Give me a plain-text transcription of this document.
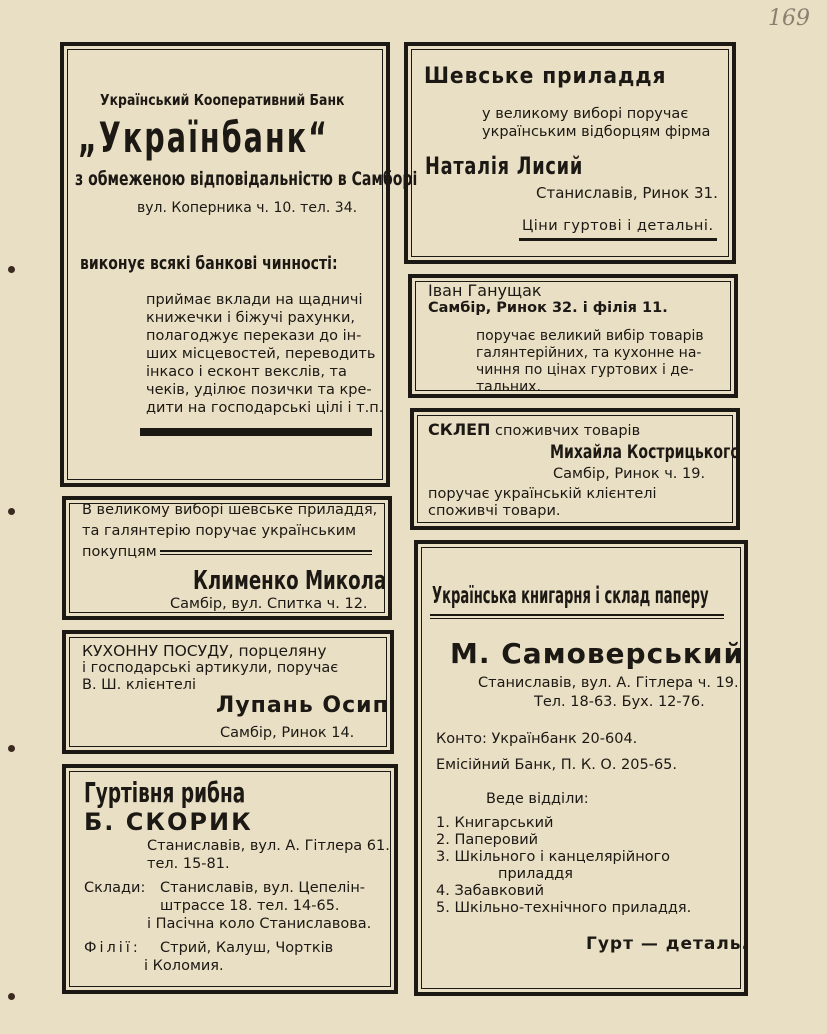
169
Український Кооперативний Банк
„Українбанк“
з обмеженою відповідальністю в Самборі
вул. Коперника ч. 10. тел. 34.
виконує всякі банкові чинності:
приймає вклади на щадничі
книжечки і біжучі рахунки,
полагоджує перекази до ін-
ших місцевостей, переводить
інкасо і есконт векслів, та
чеків, уділює позички та кре-
дити на господарські цілі і т.п.
Шевське приладдя
у великому виборі поручає
українським відборцям фірма
Наталія Лисий
Станиславів, Ринок 31.
Ціни гуртові і детальні.
Іван Ганущак
Самбір, Ринок 32. і філія 11.
поручає великий вибір товарів
галянтерійних, та кухонне на-
чиння по цінах гуртових і де-
тальних.
СКЛЕП споживчих товарів
Михайла Кострицького
Самбір, Ринок ч. 19.
поручає українській клієнтелі
споживчі товари.
В великому виборі шевське приладдя,
та галянтерію поручає українським
покупцям
Клименко Микола
Самбір, вул. Спитка ч. 12.
КУХОННУ ПОСУДУ, порцеляну
і господарські артикули, поручає
В. Ш. клієнтелі
Лупань Осип
Самбір, Ринок 14.
Гуртівня рибна
Б. СКОРИК
Станиславів, вул. А. Гітлера 61.
тел. 15-81.
Склади: Станиславів, вул. Цепелін-
штрассе 18. тел. 14-65.
і Пасічна коло Станиславова.
Філії: Стрий, Калуш, Чортків
і Коломия.
Українська книгарня і склад паперу
М. Самоверський
Станиславів, вул. А. Гітлера ч. 19.
Тел. 18-63. Бух. 12-76.
Конто: Українбанк 20-604.
Емісійний Банк, П. К. О. 205-65.
Веде відділи:
1. Книгарський
2. Паперовий
3. Шкільного і канцелярійного
приладдя
4. Забавковий
5. Шкільно-технічного приладдя.
Гурт — деталь.
